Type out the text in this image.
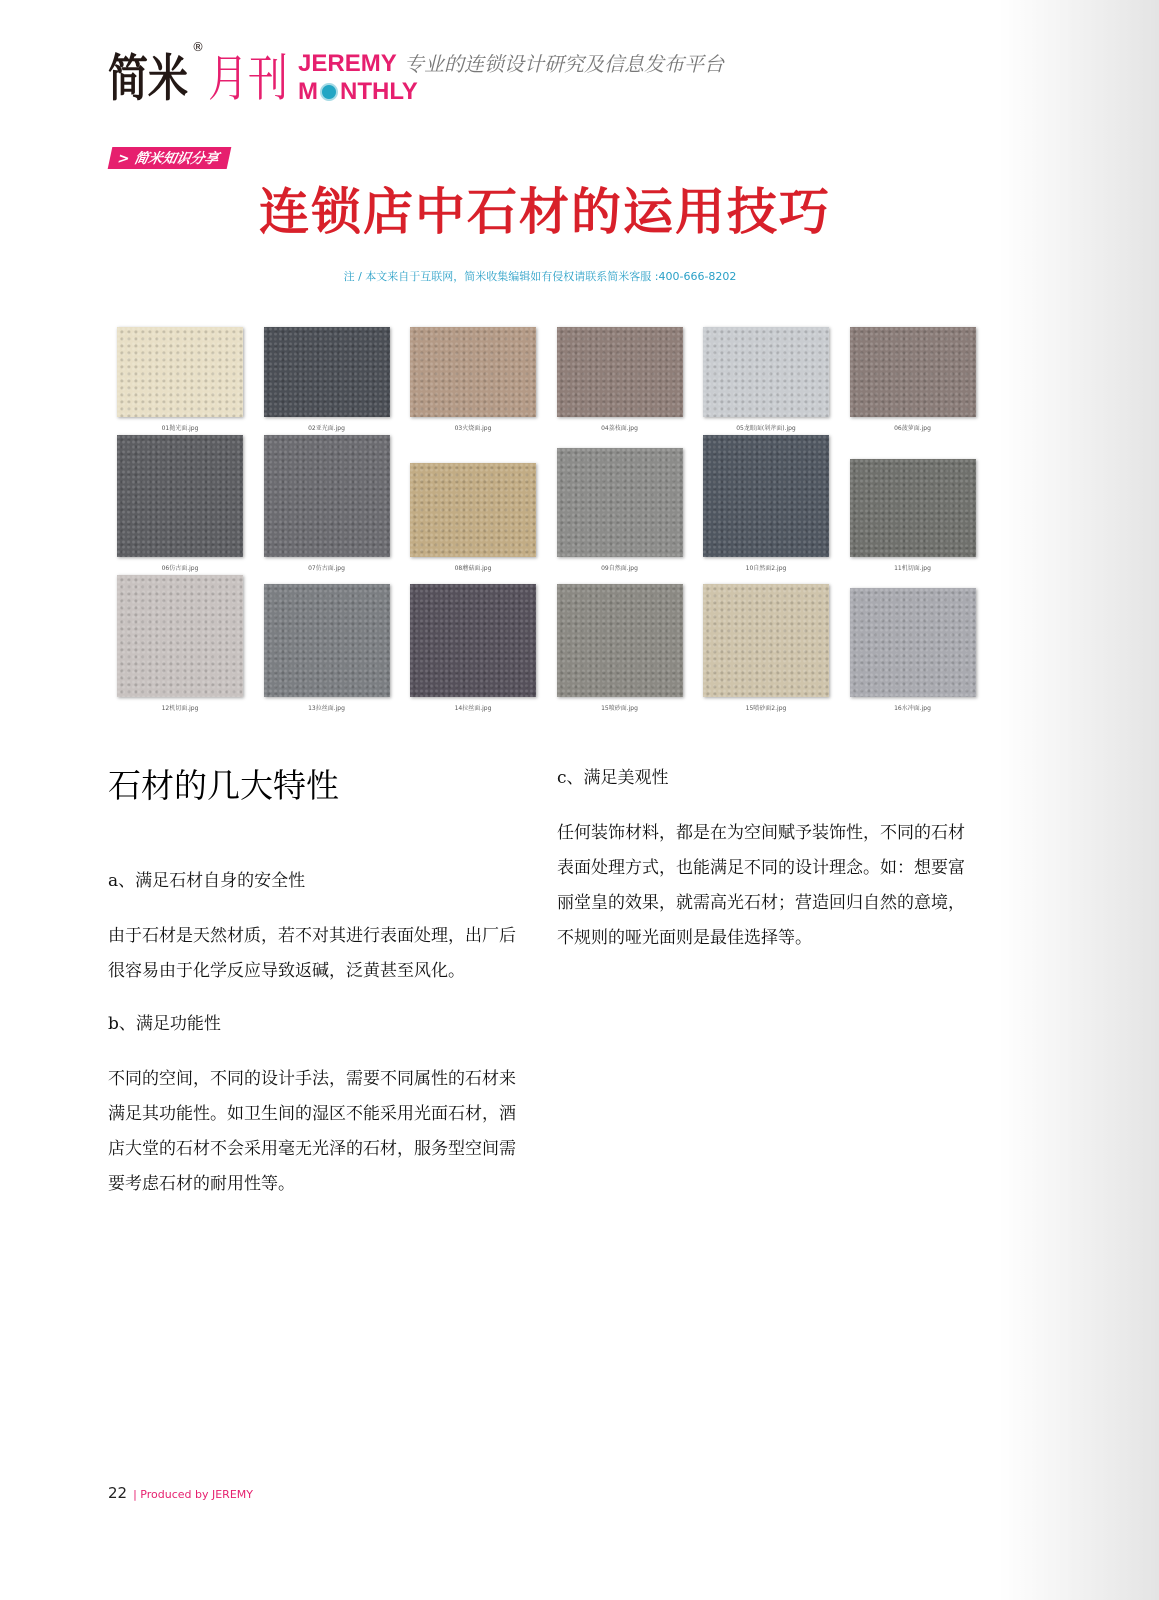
简米
®
月刊 JEREMY
M NTHLY
专业的连锁设计研究及信息发布平台
> 简米知识分享
连锁店中石材的运用技巧
注 / 本文来自于互联网，简米收集编辑如有侵权请联系简米客服 :400-666-8202
01抛光面.jpg	02亚光面.jpg	03火烧面.jpg	04荔枝面.jpg	05龙眼面(剁斧面).jpg	06菠萝面.jpg
06仿古面.jpg	07仿古面.jpg	08蘑菇面.jpg	09自然面.jpg	10自然面2.jpg	11机切面.jpg
12机切面.jpg	13拉丝面.jpg	14拉丝面.jpg	15喷砂面.jpg	15喷砂面2.jpg	16水冲面.jpg
石材的几大特性

a、满足石材自身的安全性

由于石材是天然材质，若不对其进行表面处理，出厂后很容易由于化学反应导致返碱，泛黄甚至风化。

b、满足功能性

不同的空间，不同的设计手法，需要不同属性的石材来满足其功能性。如卫生间的湿区不能采用光面石材，酒店大堂的石材不会采用毫无光泽的石材，服务型空间需要考虑石材的耐用性等。

c、满足美观性

任何装饰材料，都是在为空间赋予装饰性，不同的石材表面处理方式，也能满足不同的设计理念。如：想要富丽堂皇的效果，就需高光石材；营造回归自然的意境，不规则的哑光面则是最佳选择等。

22 | Produced by JEREMY
